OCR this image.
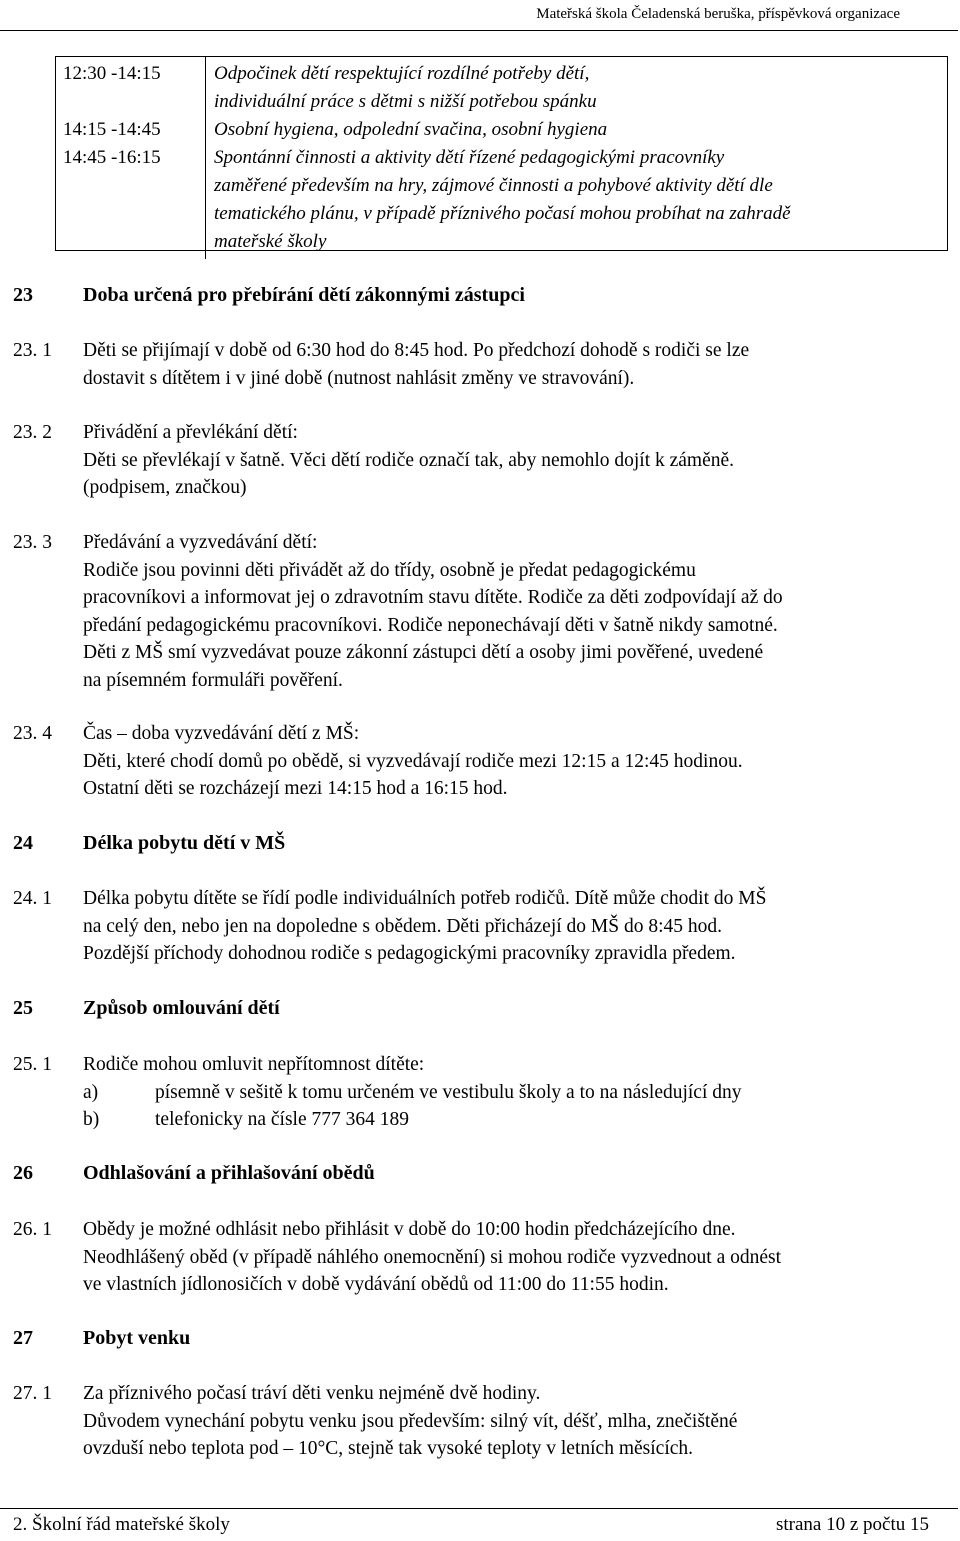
Mateřská škola Čeladenská beruška, příspěvková organizace
12:30 -14:15	Odpočinek dětí respektující rozdílné potřeby dětí,
individuální práce s dětmi s nižší potřebou spánku

14:15 -14:45	Osobní hygiena, odpolední svačina, osobní hygiena

14:45 -16:15	Spontánní činnosti a aktivity dětí řízené pedagogickými pracovníky
zaměřené především na hry, zájmové činnosti a pohybové aktivity dětí dle
tematického plánu, v případě příznivého počasí mohou probíhat na zahradě
mateřské školy
23	Doba určená pro přebírání dětí zákonnými zástupci
23. 1 Děti se přijímají v době od 6:30 hod do 8:45 hod. Po předchozí dohodě s rodiči se lze
dostavit s dítětem i v jiné době (nutnost nahlásit změny ve stravování).
23. 2 Přivádění a převlékání dětí:
Děti se převlékají v šatně. Věci dětí rodiče označí tak, aby nemohlo dojít k záměně.
(podpisem, značkou)
23. 3 Předávání a vyzvedávání dětí:
Rodiče jsou povinni děti přivádět až do třídy, osobně je předat pedagogickému
pracovníkovi a informovat jej o zdravotním stavu dítěte. Rodiče za děti zodpovídají až do
předání pedagogickému pracovníkovi. Rodiče neponechávají děti v šatně nikdy samotné.
Děti z MŠ smí vyzvedávat pouze zákonní zástupci dětí a osoby jimi pověřené, uvedené
na písemném formuláři pověření.
23. 4 Čas – doba vyzvedávání dětí z MŠ:
Děti, které chodí domů po obědě, si vyzvedávají rodiče mezi 12:15 a 12:45 hodinou.
Ostatní děti se rozcházejí mezi 14:15 hod a 16:15 hod.
24	Délka pobytu dětí v MŠ
24. 1 Délka pobytu dítěte se řídí podle individuálních potřeb rodičů. Dítě může chodit do MŠ
na celý den, nebo jen na dopoledne s obědem. Děti přicházejí do MŠ do 8:45 hod.
Pozdější příchody dohodnou rodiče s pedagogickými pracovníky zpravidla předem.
25	Způsob omlouvání dětí
25. 1 Rodiče mohou omluvit nepřítomnost dítěte:
a)	písemně v sešitě k tomu určeném ve vestibulu školy a to na následující dny
b)	telefonicky na čísle 777 364 189
26	Odhlašování a přihlašování obědů
26. 1 Obědy je možné odhlásit nebo přihlásit v době do 10:00 hodin předcházejícího dne.
Neodhlášený oběd (v případě náhlého onemocnění) si mohou rodiče vyzvednout a odnést
ve vlastních jídlonosičích v době vydávání obědů od 11:00 do 11:55 hodin.
27	Pobyt venku
27. 1 Za příznivého počasí tráví děti venku nejméně dvě hodiny.
Důvodem vynechání pobytu venku jsou především: silný vít, déšť, mlha, znečištěné
ovzduší nebo teplota pod – 10°C, stejně tak vysoké teploty v letních měsících.
2. Školní řád mateřské školy	strana 10 z počtu 15
